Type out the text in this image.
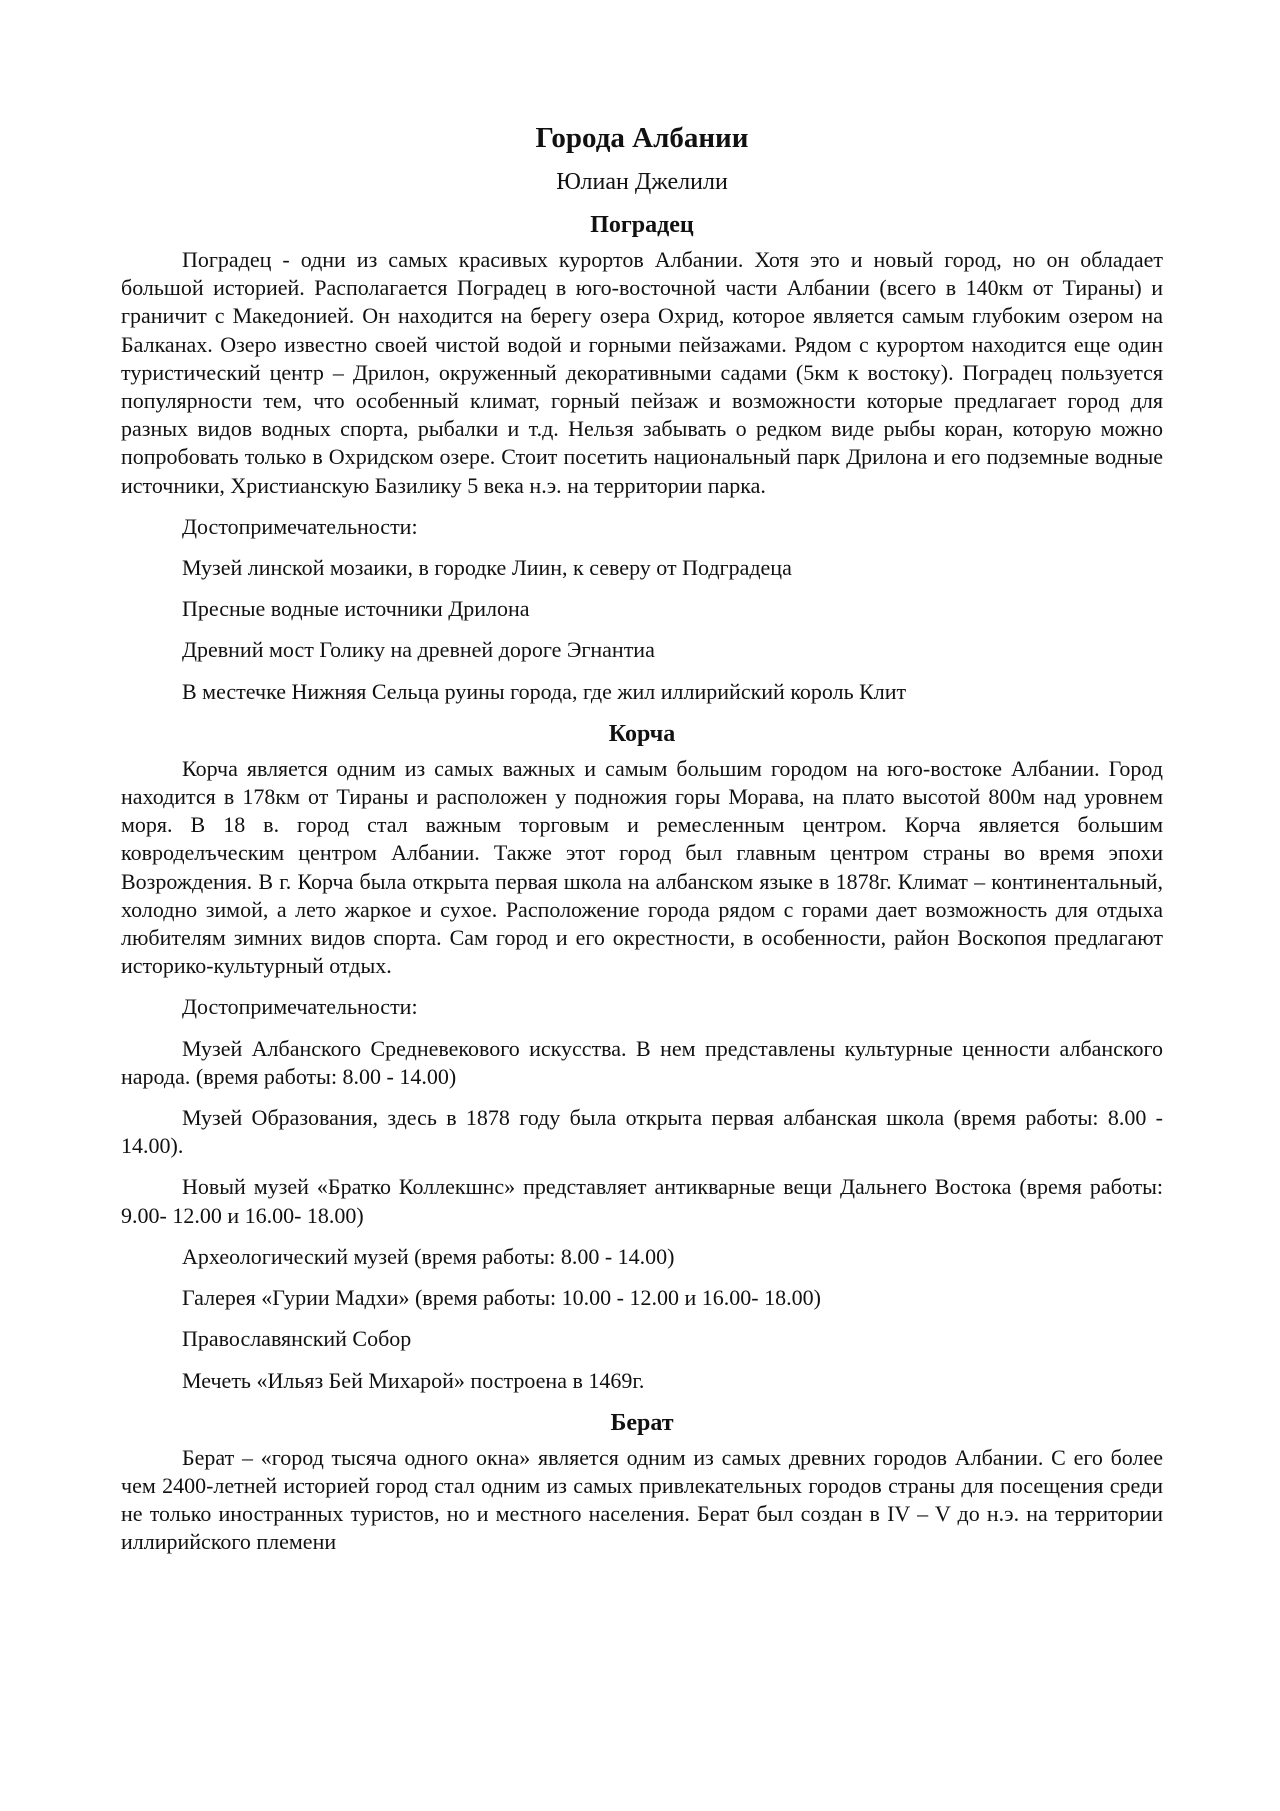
Города Албании
Юлиан Джелили
Поградец

Поградец - одни из самых красивых курортов Албании. Хотя это и новый город, но он обладает большой историей. Располагается Поградец в юго-восточной части Албании (всего в 140км от Тираны) и граничит с Македонией. Он находится на берегу озера Охрид, которое является самым глубоким озером на Балканах. Озеро известно своей чистой водой и горными пейзажами. Рядом с курортом находится еще один туристический центр – Дрилон, окруженный декоративными садами (5км к востоку). Поградец пользуется популярности тем, что особенный климат, горный пейзаж и возможности которые предлагает город для разных видов водных спорта, рыбалки и т.д. Нельзя забывать о редком виде рыбы коран, которую можно попробовать только в Охридском озере. Стоит посетить национальный парк Дрилона и его подземные водные источники, Христианскую Базилику 5 века н.э. на территории парка.

Достопримечательности:

Музей линской мозаики, в городке Лиин, к северу от Подградеца

Пресные водные источники Дрилона

Древний мост Голику на древней дороге Эгнантиа

В местечке Нижняя Сельца руины города, где жил иллирийский король Клит

Корча

Корча является одним из самых важных и самым большим городом на юго-востоке Албании. Город находится в 178км от Тираны и расположен у подножия горы Морава, на плато высотой 800м над уровнем моря. В 18 в. город стал важным торговым и ремесленным центром. Корча является большим ковроделъческим центром Албании. Также этот город был главным центром страны во время эпохи Возрождения. В г. Корча была открыта первая школа на албанском языке в 1878г. Климат – континентальный, холодно зимой, а лето жаркое и сухое. Расположение города рядом с горами дает возможность для отдыха любителям зимних видов спорта. Сам город и его окрестности, в особенности, район Воскопоя предлагают историко-культурный отдых.

Достопримечательности:

Музей Албанского Средневекового искусства. В нем представлены культурные ценности албанского народа. (время работы: 8.00 - 14.00)

Музей Образования, здесь в 1878 году была открыта первая албанская школа (время работы: 8.00 - 14.00).

Новый музей «Братко Коллекшнс» представляет антикварные вещи Дальнего Востока (время работы: 9.00- 12.00 и 16.00- 18.00)

Археологический музей (время работы: 8.00 - 14.00)

Галерея «Гурии Мадхи» (время работы: 10.00 - 12.00 и 16.00- 18.00)

Православянский Собор

Мечеть «Ильяз Бей Михарой» построена в 1469г.

Берат

Берат – «город тысяча одного окна» является одним из самых древних городов Албании. С его более чем 2400-летней историей город стал одним из самых привлекательных городов страны для посещения среди не только иностранных туристов, но и местного населения. Берат был создан в IV – V до н.э. на территории иллирийского племени
